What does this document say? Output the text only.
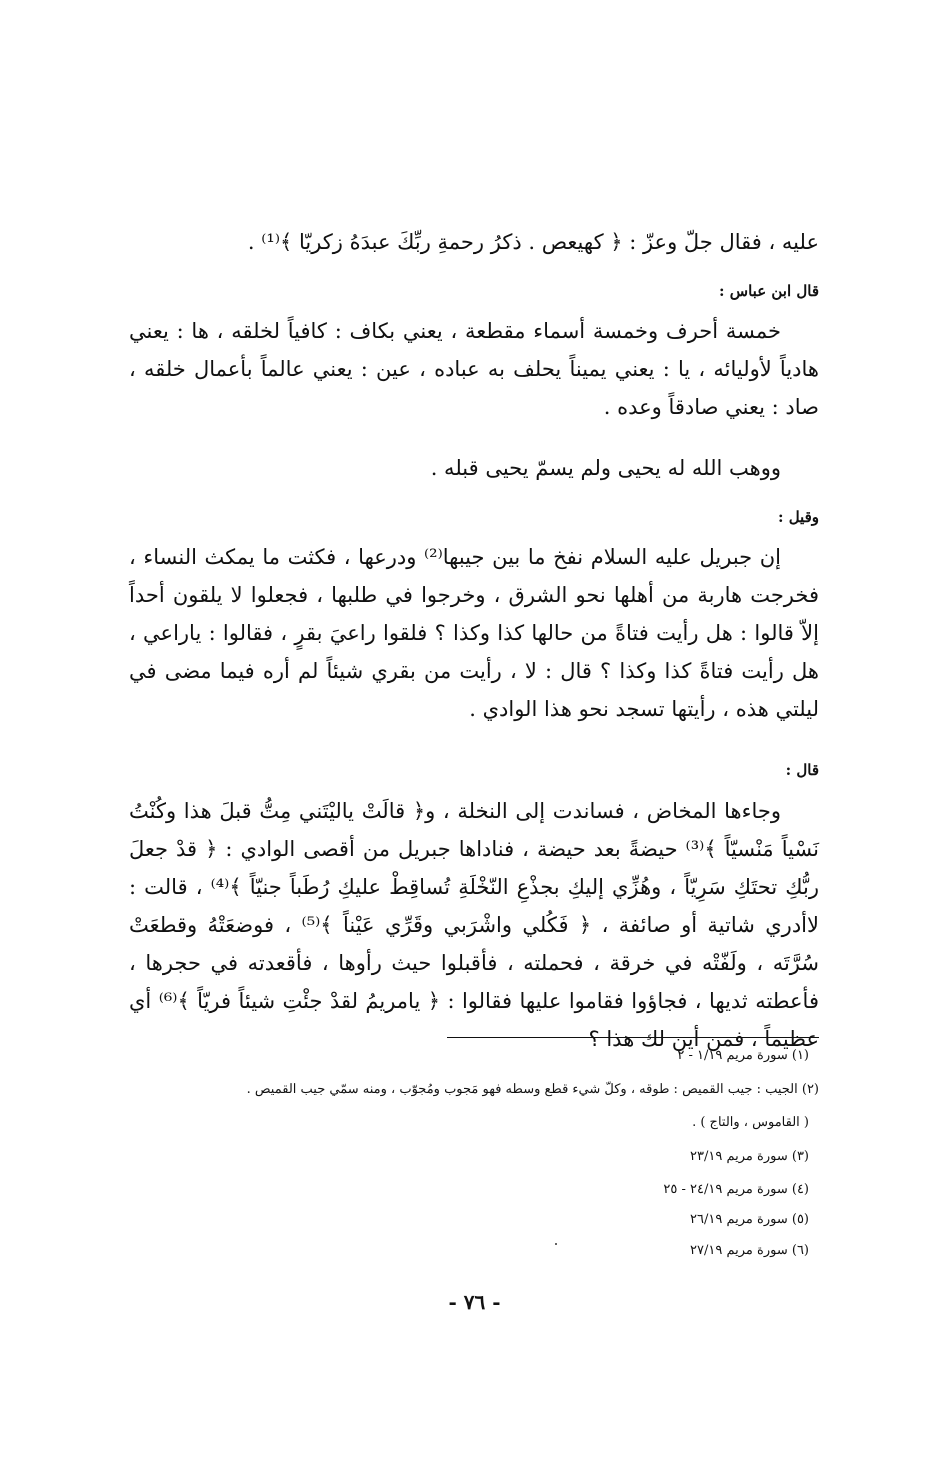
عليه ، فقال جلّ وعزّ : ﴿ كهيعص . ذكرُ رحمةِ ربِّكَ عبدَهُ زكريّا ﴾⁽¹⁾ .
قال ابن عباس :
خمسة أحرف وخمسة أسماء مقطعة ، يعني بكاف : كافياً لخلقه ، ها : يعني هادياً لأوليائه ، يا : يعني يميناً يحلف به عباده ، عين : يعني عالماً بأعمال خلقه ، صاد : يعني صادقاً وعده .
ووهب الله له يحيى ولم يسمّ يحيى قبله .
وقيل :
إن جبريل عليه السلام نفخ ما بين جيبها⁽²⁾ ودرعها ، فكثت ما يمكث النساء ، فخرجت هاربة من أهلها نحو الشرق ، وخرجوا في طلبها ، فجعلوا لا يلقون أحداً إلاّ قالوا : هل رأيت فتاةً من حالها كذا وكذا ؟ فلقوا راعيَ بقرٍ ، فقالوا : ياراعي ، هل رأيت فتاةً كذا وكذا ؟ قال : لا ، رأيت من بقري شيئاً لم أره فيما مضى في ليلتي هذه ، رأيتها تسجد نحو هذا الوادي .
قال :
وجاءها المخاض ، فساندت إلى النخلة ، و﴿ قالَتْ ياليْتَني مِتُّ قبلَ هذا وكُنْتُ نَسْياً مَنْسيّاً ﴾⁽³⁾ حيضةً بعد حيضة ، فناداها جبريل من أقصى الوادي : ﴿ قدْ جعلَ ربُّكِ تحتَكِ سَرِيّاً ، وهُزِّي إليكِ بجذْعِ النّخْلَةِ تُساقِطْ عليكِ رُطَباً جنيّاً ﴾⁽⁴⁾ ، قالت : لاأدري شاتية أو صائفة ، ﴿ فَكُلي واشْرَبي وقَرِّي عَيْناً ﴾⁽⁵⁾ ، فوضعَتْهُ وقطعَتْ سُرَّتَه ، ولَفّتْه في خرقة ، فحملته ، فأقبلوا حيث رأوها ، فأقعدته في حجرها ، فأعطته ثديها ، فجاؤوا فقاموا عليها فقالوا : ﴿ يامريمُ لقدْ جئْتِ شيئاً فريّاً ﴾⁽⁶⁾ أي عظيماً ، فمن أين لك هذا ؟
(١) سورة مريم ١/١٩ - ٢
(٢) الجيب : جيب القميص : طوقه ، وكلّ شيء قطع وسطه فهو مَجوب ومُجوّب ، ومنه سمّي جيب القميص .
( القاموس ، والتاج ) .
(٣) سورة مريم ٢٣/١٩
(٤) سورة مريم ٢٤/١٩ - ٢٥
(٥) سورة مريم ٢٦/١٩
(٦) سورة مريم ٢٧/١٩
- ٧٦ -
